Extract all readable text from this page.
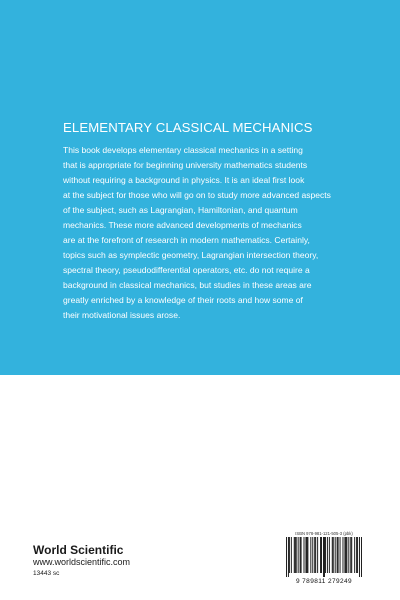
ELEMENTARY CLASSICAL MECHANICS
This book develops elementary classical mechanics in a setting
that is appropriate for beginning university mathematics students
without requiring a background in physics. It is an ideal first look
at the subject for those who will go on to study more advanced aspects
of the subject, such as Lagrangian, Hamiltonian, and quantum
mechanics. These more advanced developments of mechanics
are at the forefront of research in modern mathematics. Certainly,
topics such as symplectic geometry, Lagrangian intersection theory,
spectral theory, pseudodifferential operators, etc. do not require a
background in classical mechanics, but studies in these areas are
greatly enriched by a knowledge of their roots and how some of
their motivational issues arose.
World Scientific
www.worldscientific.com
13443 sc
ISBN 978-981-121-505-3 (pbk)
9 789811 279249
